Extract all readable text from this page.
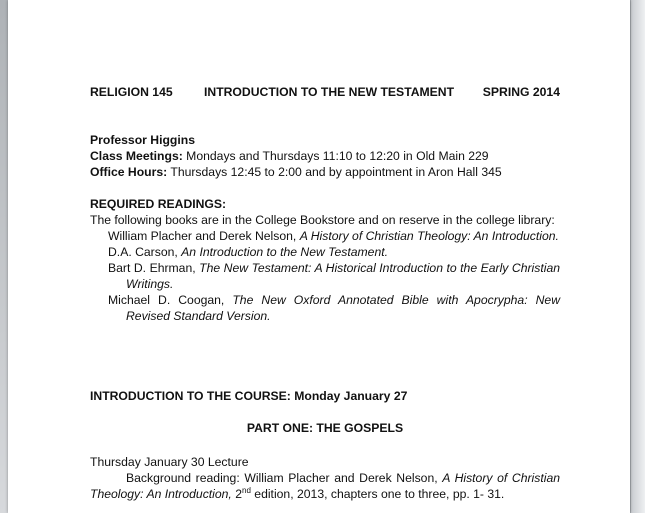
RELIGION 145	INTRODUCTION TO THE NEW TESTAMENT SPRING 2014
Professor Higgins
Class Meetings: Mondays and Thursdays 11:10 to 12:20 in Old Main 229
Office Hours: Thursdays 12:45 to 2:00 and by appointment in Aron Hall 345
REQUIRED READINGS:
The following books are in the College Bookstore and on reserve in the college library:
William Placher and Derek Nelson, A History of Christian Theology: An Introduction.
D.A. Carson, An Introduction to the New Testament.
Bart D. Ehrman, The New Testament: A Historical Introduction to the Early Christian Writings.
Michael D. Coogan, The New Oxford Annotated Bible with Apocrypha: New Revised Standard Version.
INTRODUCTION TO THE COURSE: Monday January 27
PART ONE: THE GOSPELS
Thursday January 30 Lecture
Background reading: William Placher and Derek Nelson, A History of Christian Theology: An Introduction, 2nd edition, 2013, chapters one to three, pp. 1- 31.
